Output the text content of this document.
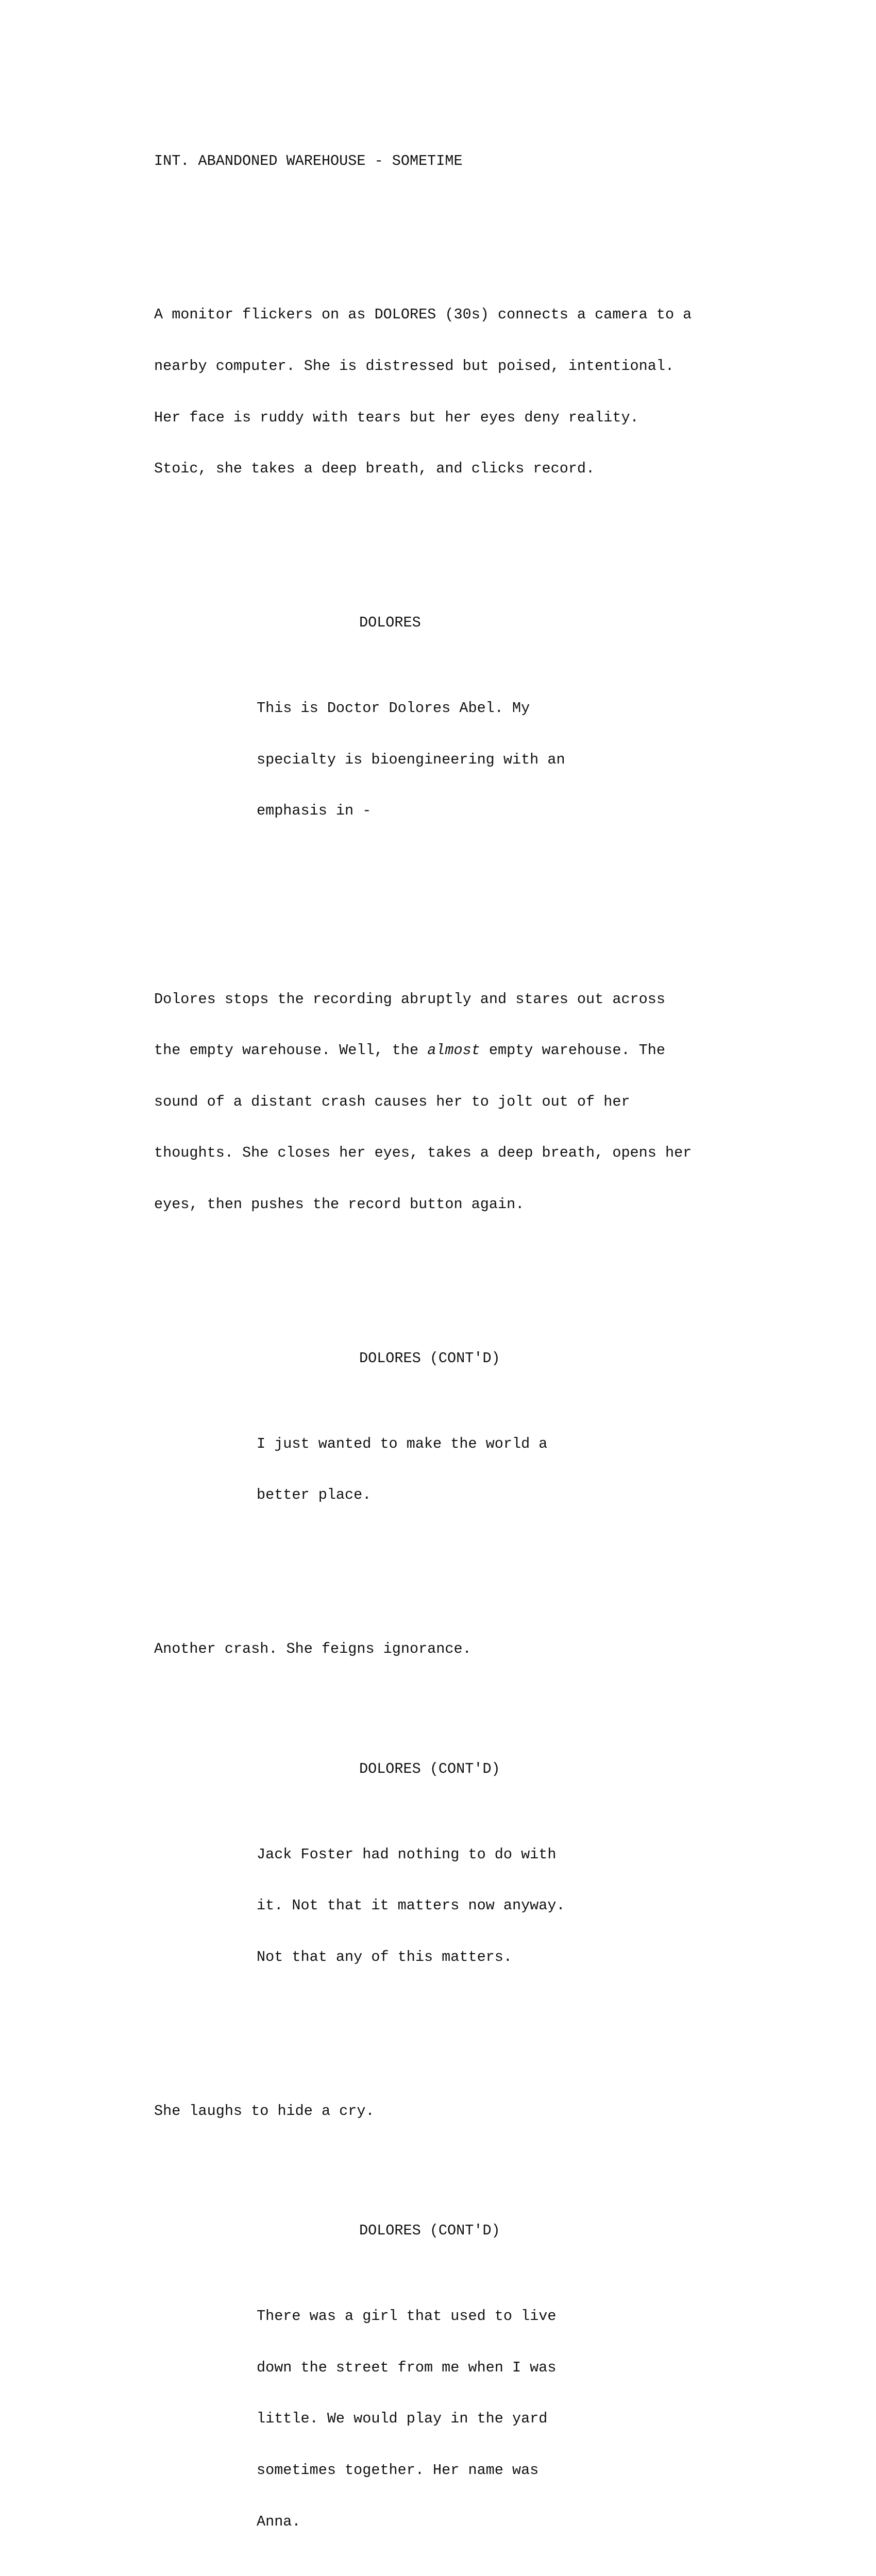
INT. ABANDONED WAREHOUSE - SOMETIME

A monitor flickers on as DOLORES (30s) connects a camera to a

nearby computer. She is distressed but poised, intentional.

Her face is ruddy with tears but her eyes deny reality.

Stoic, she takes a deep breath, and clicks record.

DOLORES

This is Doctor Dolores Abel. My

specialty is bioengineering with an

emphasis in -

Dolores stops the recording abruptly and stares out across

the empty warehouse. Well, the almost empty warehouse. The

sound of a distant crash causes her to jolt out of her

thoughts. She closes her eyes, takes a deep breath, opens her

eyes, then pushes the record button again.

DOLORES (CONT'D)

I just wanted to make the world a

better place.

Another crash. She feigns ignorance.

DOLORES (CONT'D)

Jack Foster had nothing to do with

it. Not that it matters now anyway.

Not that any of this matters.

She laughs to hide a cry.

DOLORES (CONT'D)

There was a girl that used to live

down the street from me when I was

little. We would play in the yard

sometimes together. Her name was

Anna.
